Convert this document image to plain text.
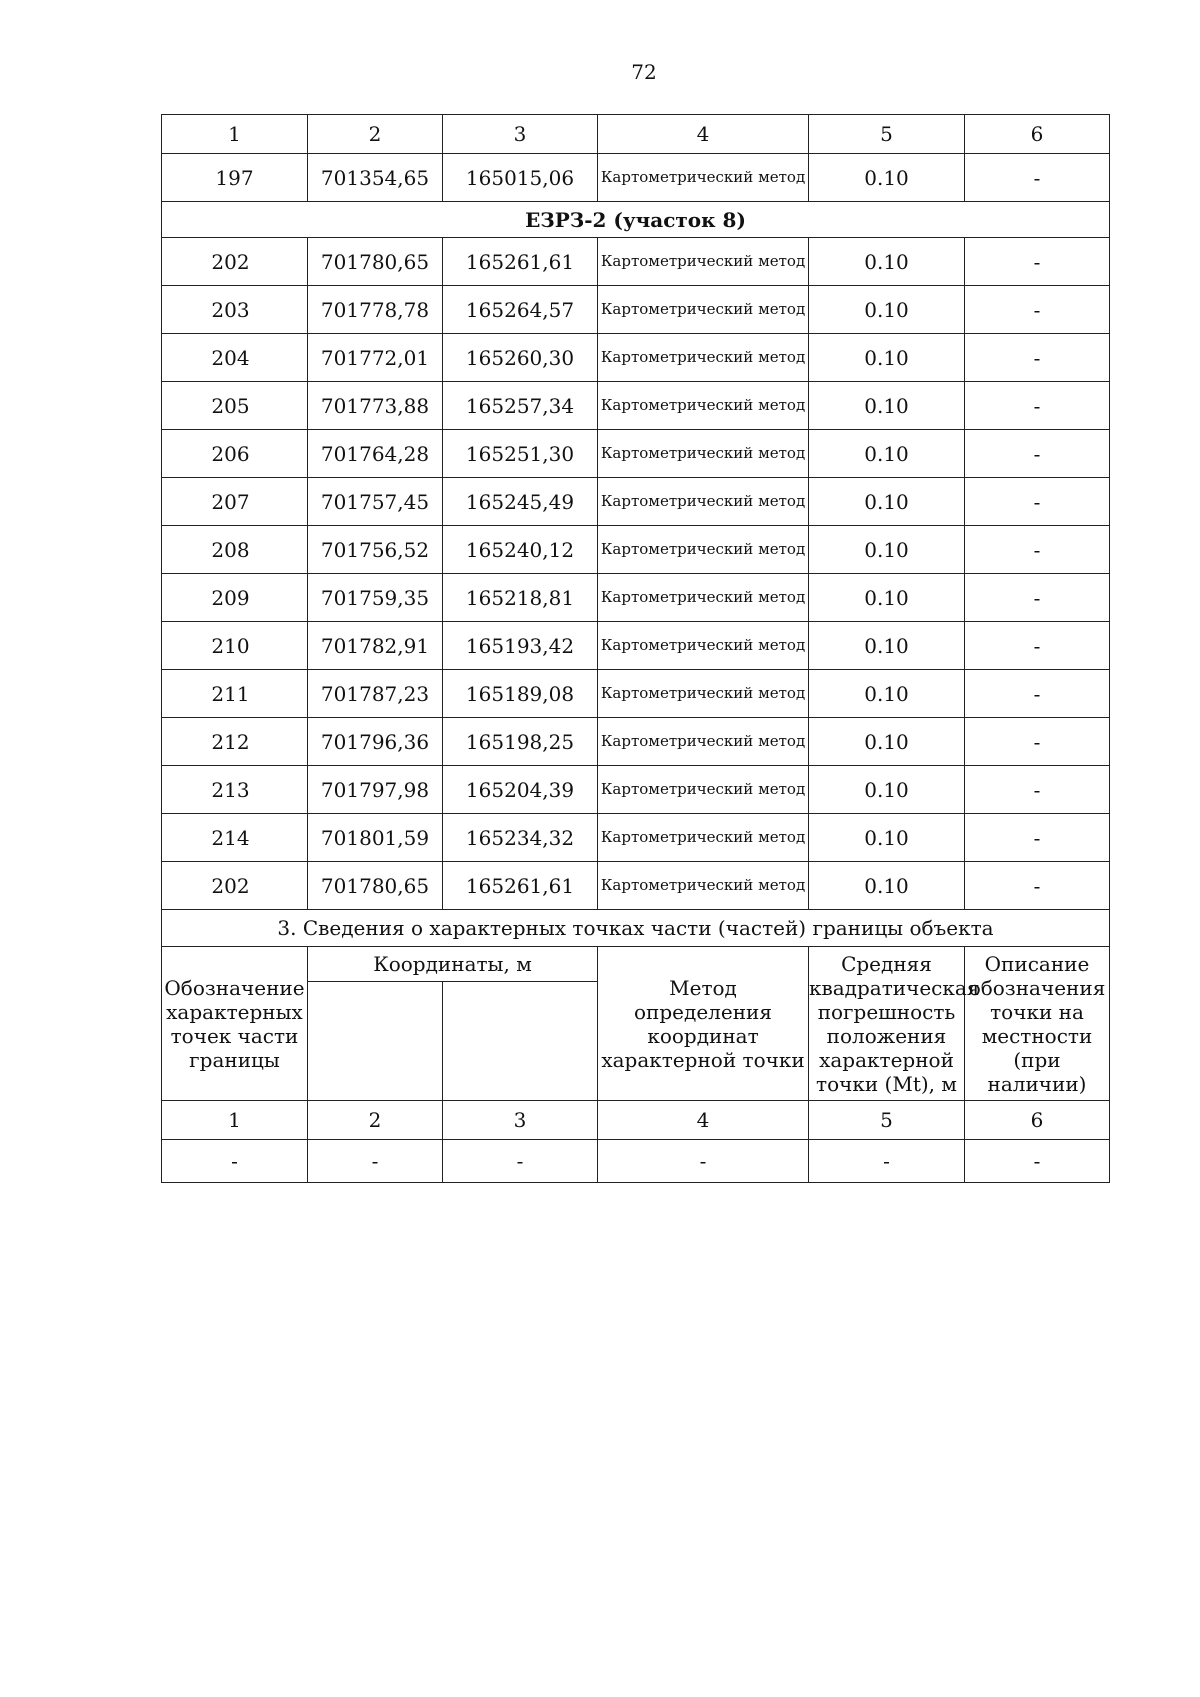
72
1	2	3	4	5	6
197	701354,65	165015,06	Картометрический метод	0.10	-
ЕЗРЗ-2 (участок 8)					
202	701780,65	165261,61	Картометрический метод	0.10	-
203	701778,78	165264,57	Картометрический метод	0.10	-
204	701772,01	165260,30	Картометрический метод	0.10	-
205	701773,88	165257,34	Картометрический метод	0.10	-
206	701764,28	165251,30	Картометрический метод	0.10	-
207	701757,45	165245,49	Картометрический метод	0.10	-
208	701756,52	165240,12	Картометрический метод	0.10	-
209	701759,35	165218,81	Картометрический метод	0.10	-
210	701782,91	165193,42	Картометрический метод	0.10	-
211	701787,23	165189,08	Картометрический метод	0.10	-
212	701796,36	165198,25	Картометрический метод	0.10	-
213	701797,98	165204,39	Картометрический метод	0.10	-
214	701801,59	165234,32	Картометрический метод	0.10	-
202	701780,65	165261,61	Картометрический метод	0.10	-
3. Сведения о характерных точках части (частей) границы объекта					
Обозначение характерных точек части границы	Координаты, м		Метод определения координат характерной точки	Средняя квадратическая погрешность положения характерной точки (Mt), м	Описание обозначения точки на местности (при наличии)

1	2	3	4	5	6
-	-	-	-	-	-
